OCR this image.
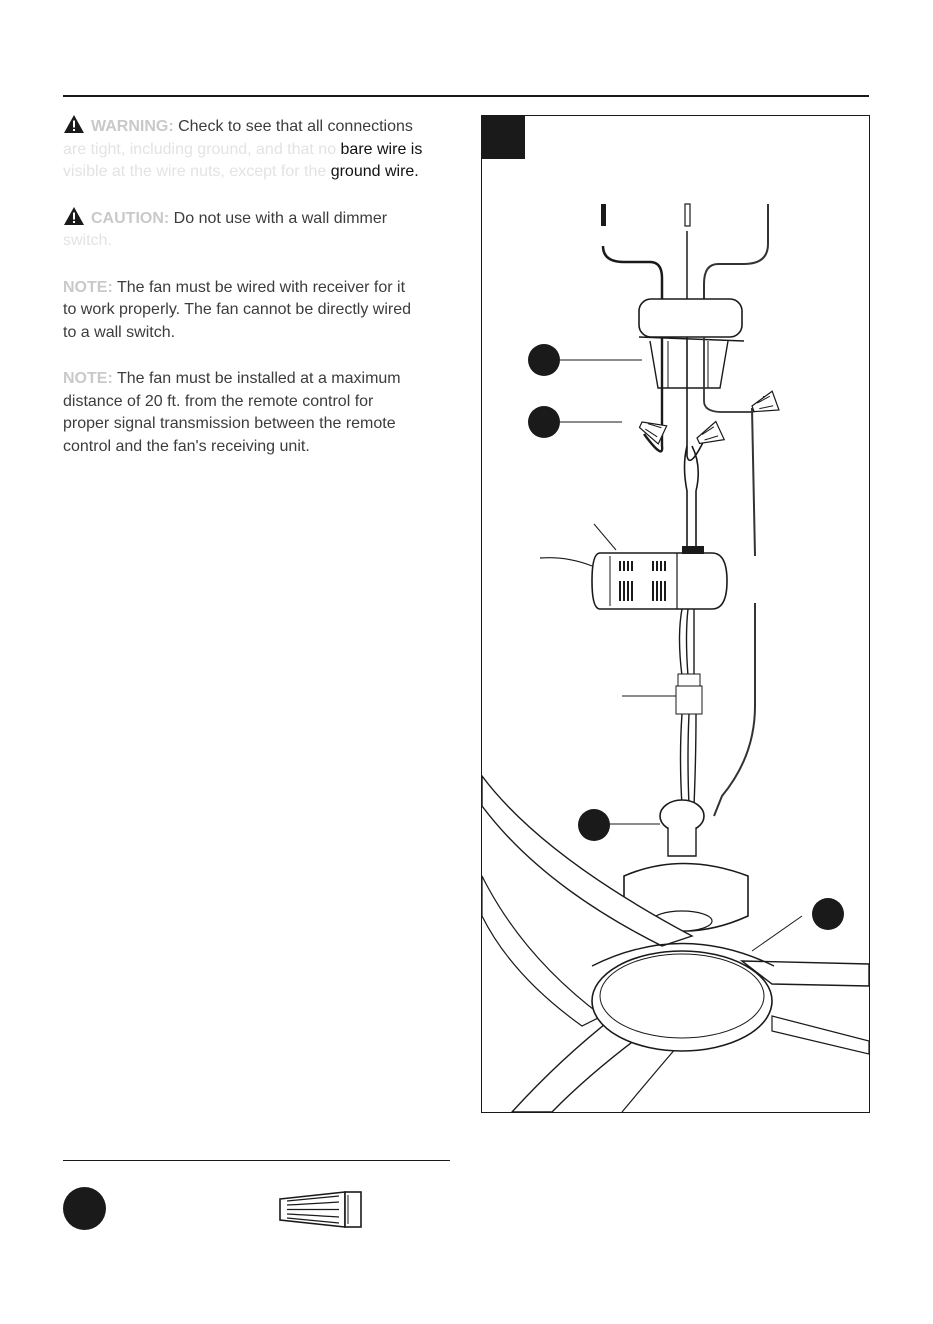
WARNING: Check to see that all connections
are tight, including ground, and that no bare wire is
visible at the wire nuts, except for the ground wire.

CAUTION: Do not use with a wall dimmer
switch.

NOTE: The fan must be wired with receiver for it
to work properly. The fan cannot be directly wired
to a wall switch.

NOTE: The fan must be installed at a maximum
distance of 20 ft. from the remote control for
proper signal transmission between the remote
control and the fan's receiving unit.
